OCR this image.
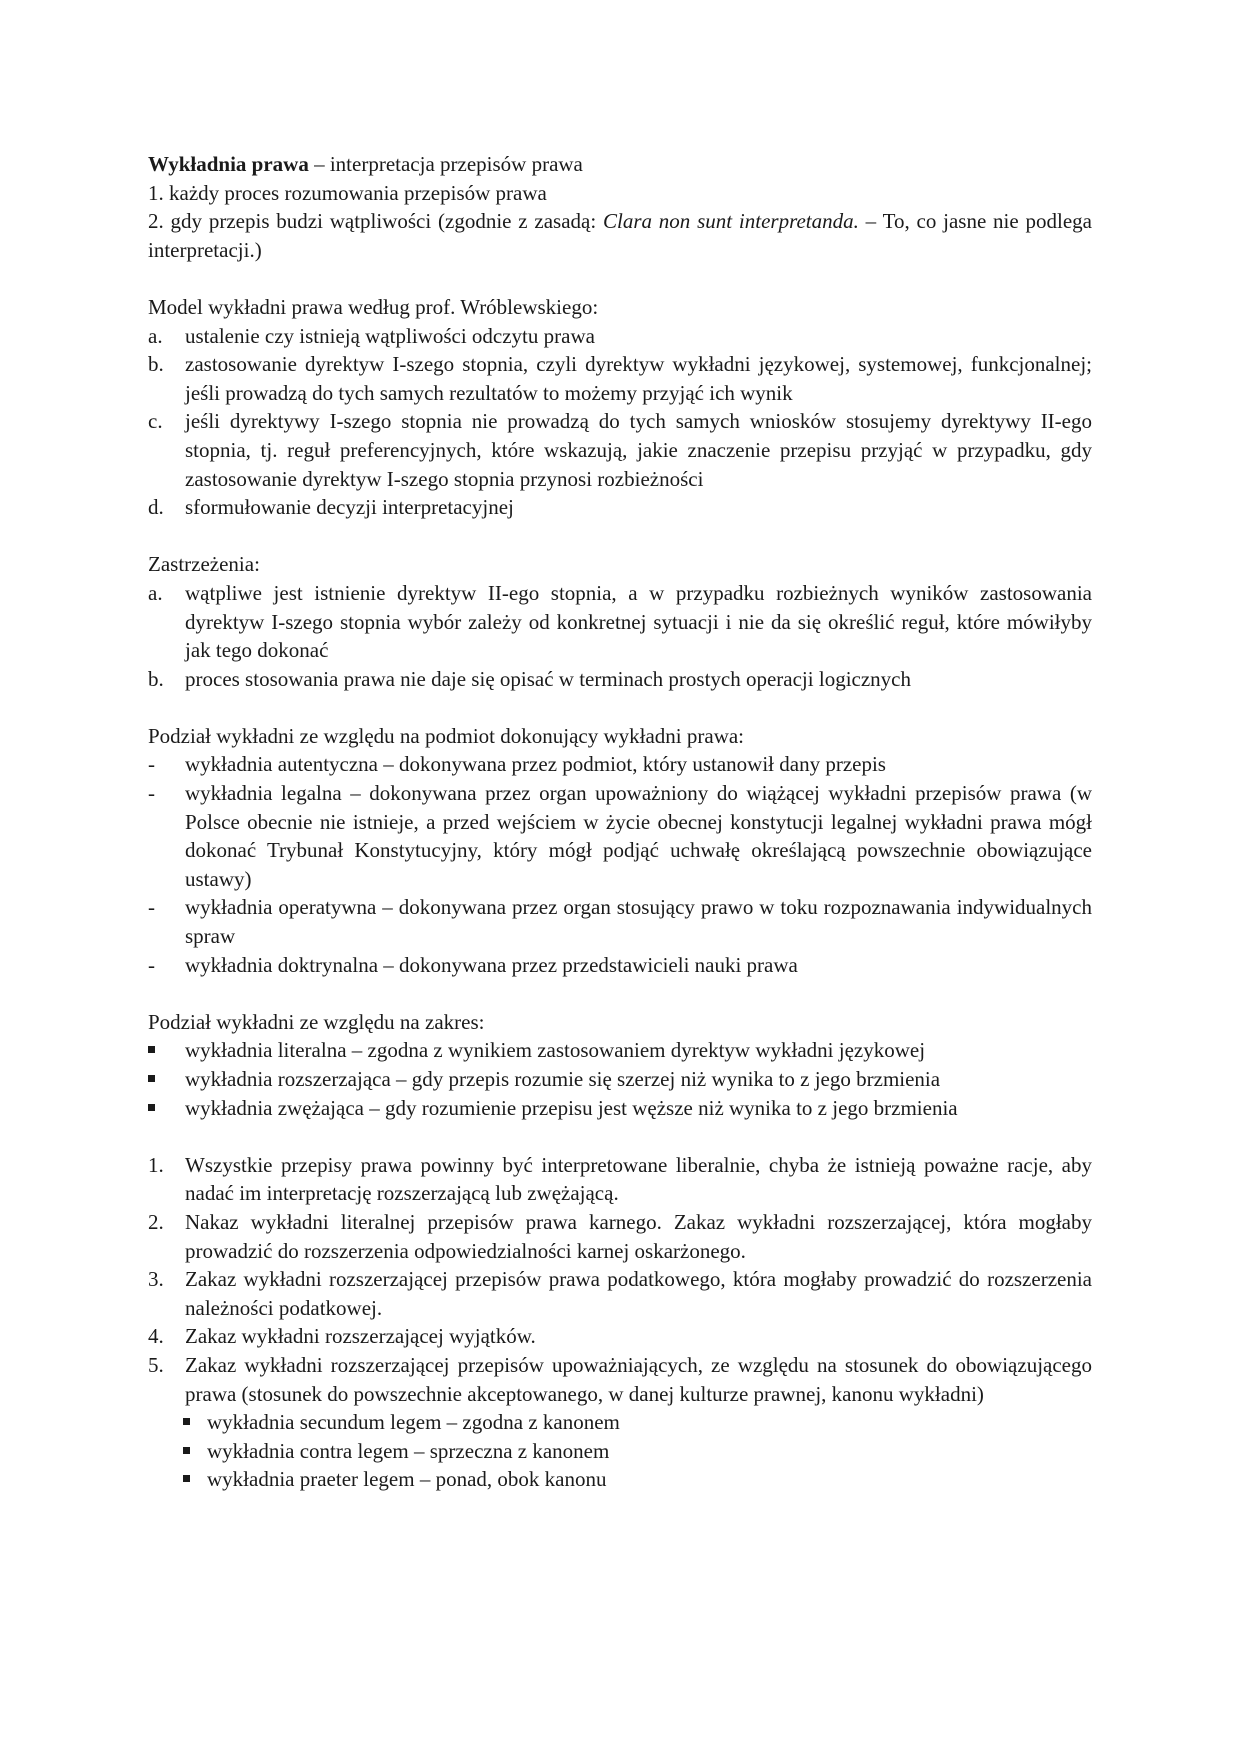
Wykładnia prawa – interpretacja przepisów prawa

1. każdy proces rozumowania przepisów prawa

2. gdy przepis budzi wątpliwości (zgodnie z zasadą: Clara non sunt interpretanda. – To, co jasne nie podlega interpretacji.)

Model wykładni prawa według prof. Wróblewskiego:

a. ustalenie czy istnieją wątpliwości odczytu prawa

b. zastosowanie dyrektyw I-szego stopnia, czyli dyrektyw wykładni językowej, systemowej, funkcjonalnej; jeśli prowadzą do tych samych rezultatów to możemy przyjąć ich wynik

c. jeśli dyrektywy I-szego stopnia nie prowadzą do tych samych wniosków stosujemy dyrektywy II-ego stopnia, tj. reguł preferencyjnych, które wskazują, jakie znaczenie przepisu przyjąć w przypadku, gdy zastosowanie dyrektyw I-szego stopnia przynosi rozbieżności

d.	sformułowanie decyzji interpretacyjnej

Zastrzeżenia:

a. wątpliwe jest istnienie dyrektyw II-ego stopnia, a w przypadku rozbieżnych wyników zastosowania dyrektyw I-szego stopnia wybór zależy od konkretnej sytuacji i nie da się określić reguł, które mówiłyby jak tego dokonać

b. proces stosowania prawa nie daje się opisać w terminach prostych operacji logicznych

Podział wykładni ze względu na podmiot dokonujący wykładni prawa:

- wykładnia autentyczna – dokonywana przez podmiot, który ustanowił dany przepis

- wykładnia legalna – dokonywana przez organ upoważniony do wiążącej wykładni przepisów prawa (w Polsce obecnie nie istnieje, a przed wejściem w życie obecnej konstytucji legalnej wykładni prawa mógł dokonać Trybunał Konstytucyjny, który mógł podjąć uchwałę określającą powszechnie obowiązujące ustawy)

- wykładnia operatywna – dokonywana przez organ stosujący prawo w toku rozpoznawania indywidualnych spraw

- wykładnia doktrynalna – dokonywana przez przedstawicieli nauki prawa

Podział wykładni ze względu na zakres:

wykładnia literalna – zgodna z wynikiem zastosowaniem dyrektyw wykładni językowej

wykładnia rozszerzająca – gdy przepis rozumie się szerzej niż wynika to z jego brzmienia

wykładnia zwężająca – gdy rozumienie przepisu jest węższe niż wynika to z jego brzmienia

1. Wszystkie przepisy prawa powinny być interpretowane liberalnie, chyba że istnieją poważne racje, aby nadać im interpretację rozszerzającą lub zwężającą.

2. Nakaz wykładni literalnej przepisów prawa karnego. Zakaz wykładni rozszerzającej, która mogłaby prowadzić do rozszerzenia odpowiedzialności karnej oskarżonego.

3. Zakaz wykładni rozszerzającej przepisów prawa podatkowego, która mogłaby prowadzić do rozszerzenia należności podatkowej.

4. Zakaz wykładni rozszerzającej wyjątków.

5. Zakaz wykładni rozszerzającej przepisów upoważniających, ze względu na stosunek do obowiązującego prawa (stosunek do powszechnie akceptowanego, w danej kulturze prawnej, kanonu wykładni)

wykładnia secundum legem – zgodna z kanonem

wykładnia contra legem – sprzeczna z kanonem

wykładnia praeter legem – ponad, obok kanonu
